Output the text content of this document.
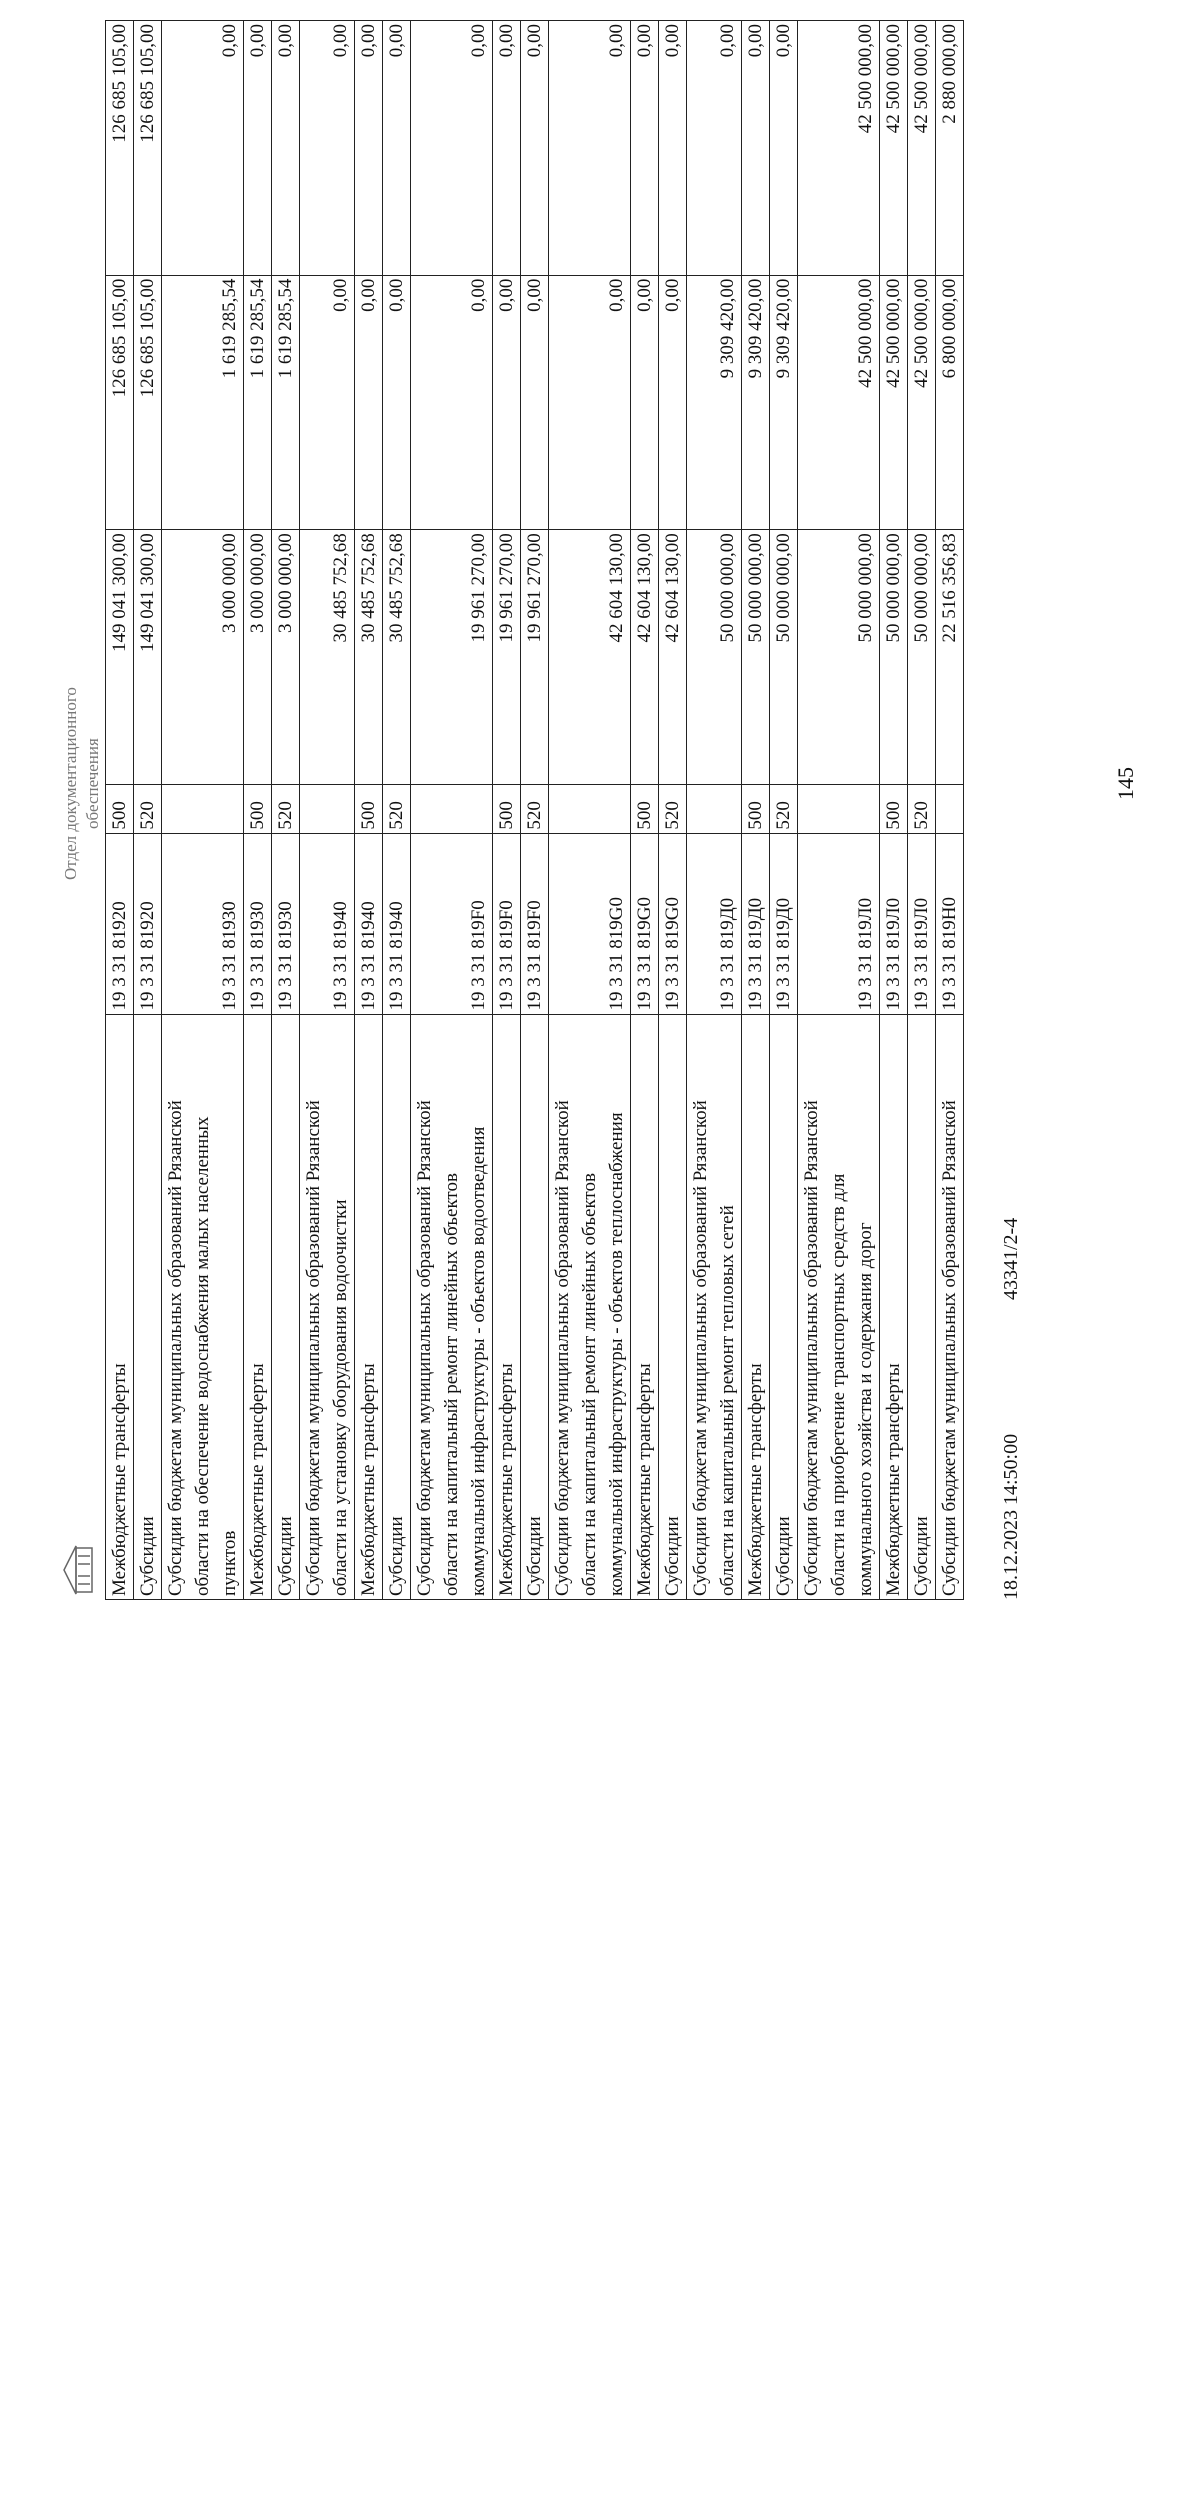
145
Межбюджетные трансферты	19 3 31 81920	500	149 041 300,00	126 685 105,00	126 685 105,00

Субсидии	19 3 31 81920	520	149 041 300,00	126 685 105,00	126 685 105,00

Субсидии бюджетам муниципальных образований Рязанской области на обеспечение водоснабжения малых населенных пунктов	19 3 31 81930		3 000 000,00	1 619 285,54	0,00

Межбюджетные трансферты	19 3 31 81930	500	3 000 000,00	1 619 285,54	0,00

Субсидии	19 3 31 81930	520	3 000 000,00	1 619 285,54	0,00

Субсидии бюджетам муниципальных образований Рязанской области на установку оборудования водоочистки	19 3 31 81940		30 485 752,68	0,00	0,00

Межбюджетные трансферты	19 3 31 81940	500	30 485 752,68	0,00	0,00

Субсидии	19 3 31 81940	520	30 485 752,68	0,00	0,00

Субсидии бюджетам муниципальных образований Рязанской области на капитальный ремонт линейных объектов коммунальной инфраструктуры - объектов водоотведения	19 3 31 819F0		19 961 270,00	0,00	0,00

Межбюджетные трансферты	19 3 31 819F0	500	19 961 270,00	0,00	0,00

Субсидии	19 3 31 819F0	520	19 961 270,00	0,00	0,00

Субсидии бюджетам муниципальных образований Рязанской области на капитальный ремонт линейных объектов коммунальной инфраструктуры - объектов теплоснабжения	19 3 31 819G0		42 604 130,00	0,00	0,00

Межбюджетные трансферты	19 3 31 819G0	500	42 604 130,00	0,00	0,00

Субсидии	19 3 31 819G0	520	42 604 130,00	0,00	0,00

Субсидии бюджетам муниципальных образований Рязанской области на капитальный ремонт тепловых сетей	19 3 31 819Д0		50 000 000,00	9 309 420,00	0,00

Межбюджетные трансферты	19 3 31 819Д0	500	50 000 000,00	9 309 420,00	0,00

Субсидии	19 3 31 819Д0	520	50 000 000,00	9 309 420,00	0,00

Субсидии бюджетам муниципальных образований Рязанской области на приобретение транспортных средств для коммунального хозяйства и содержания дорог	19 3 31 819Л0		50 000 000,00	42 500 000,00	42 500 000,00

Межбюджетные трансферты	19 3 31 819Л0	500	50 000 000,00	42 500 000,00	42 500 000,00

Субсидии	19 3 31 819Л0	520	50 000 000,00	42 500 000,00	42 500 000,00

Субсидии бюджетам муниципальных образований Рязанской	19 3 31 819Н0		22 516 356,83	6 800 000,00	2 880 000,00
Отдел документационного обеспечения
18.12.2023 14:50:00
43341/2-4
